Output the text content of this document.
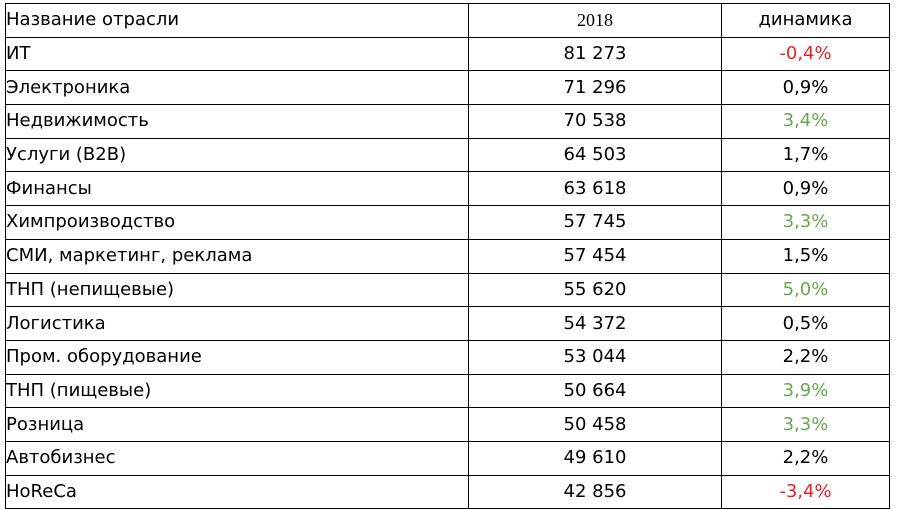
Название отрасли	2018	динамика
ИТ	81 273	-0,4%
Электроника	71 296	0,9%
Недвижимость	70 538	3,4%
Услуги (B2B)	64 503	1,7%
Финансы	63 618	0,9%
Химпроизводство	57 745	3,3%
СМИ, маркетинг, реклама	57 454	1,5%
ТНП (непищевые)	55 620	5,0%
Логистика	54 372	0,5%
Пром. оборудование	53 044	2,2%
ТНП (пищевые)	50 664	3,9%
Розница	50 458	3,3%
Автобизнес	49 610	2,2%
HoReCa	42 856	-3,4%
